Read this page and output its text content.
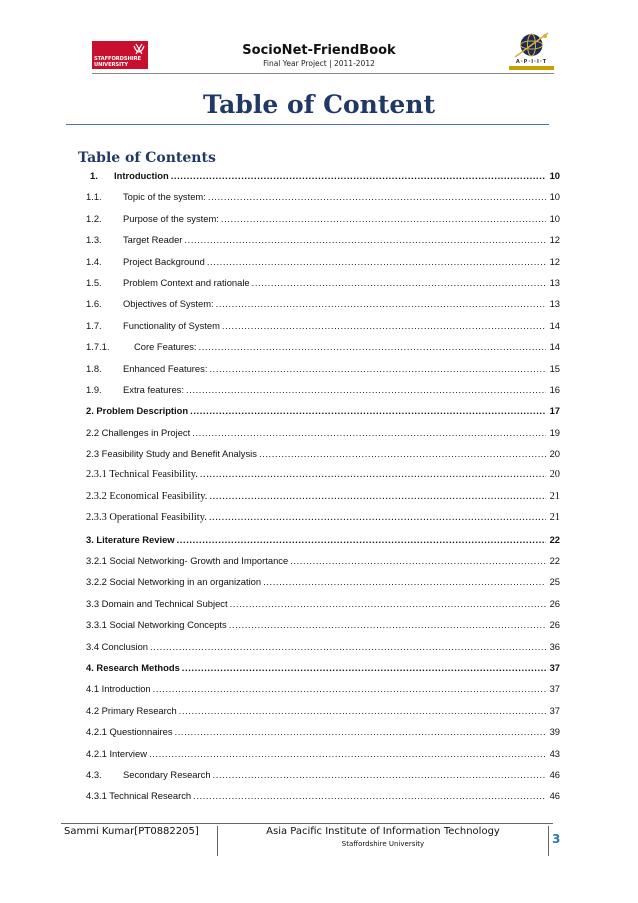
STAFFORDSHIRE
UNIVERSITY
SocioNet-FriendBook
Final Year Project | 2011-2012	A·P·I·I·T
Table of Content
Table of Contents
1.	Introduction .....	10
1.1.	Topic of the system: .....	10
1.2.	Purpose of the system: .....	10
1.3.	Target Reader .....	12
1.4.	Project Background .....	12
1.5.	Problem Context and rationale .....	13
1.6.	Objectives of System: .....	13
1.7.	Functionality of System .....	14
1.7.1.	Core Features: .....	14
1.8.	Enhanced Features: .....	15
1.9.	Extra features: .....	16
2. Problem Description .....	17
2.2 Challenges in Project .....	19
2.3 Feasibility Study and Benefit Analysis .....	20
2.3.1 Technical Feasibility. .....	20
2.3.2 Economical Feasibility. .....	21
2.3.3 Operational Feasibility. .....	21
3. Literature Review .....	22
3.2.1 Social Networking- Growth and Importance .....	22
3.2.2 Social Networking in an organization .....	25
3.3 Domain and Technical Subject .....	26
3.3.1 Social Networking Concepts .....	26
3.4 Conclusion .....	36
4. Research Methods .....	37
4.1 Introduction .....	37
4.2 Primary Research .....	37
4.2.1 Questionnaires .....	39
4.2.1 Interview .....	43
4.3.	Secondary Research .....	46
4.3.1 Technical Research .....	46
Sammi Kumar[PT0882205]	Asia Pacific Institute of Information Technology
Staffordshire University	3
